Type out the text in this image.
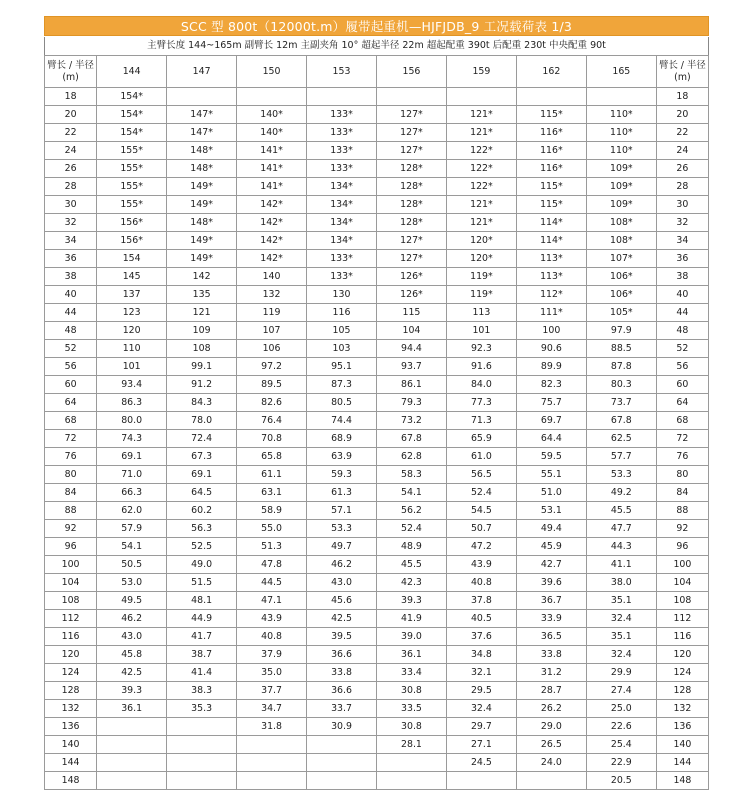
SCC 型 800t（12000t.m）履带起重机—HJFJDB_9 工况载荷表 1/3
主臂长度 144~165m 副臂长 12m 主副夹角 10° 超起半径 22m 超起配重 390t 后配重 230t 中央配重 90t
臂长 / 半径
(m)	144	147	150	153	156	159	162	165	臂长 / 半径
(m)
18	154*								18
20	154*	147*	140*	133*	127*	121*	115*	110*	20
22	154*	147*	140*	133*	127*	121*	116*	110*	22
24	155*	148*	141*	133*	127*	122*	116*	110*	24
26	155*	148*	141*	133*	128*	122*	116*	109*	26
28	155*	149*	141*	134*	128*	122*	115*	109*	28
30	155*	149*	142*	134*	128*	121*	115*	109*	30
32	156*	148*	142*	134*	128*	121*	114*	108*	32
34	156*	149*	142*	134*	127*	120*	114*	108*	34
36	154	149*	142*	133*	127*	120*	113*	107*	36
38	145	142	140	133*	126*	119*	113*	106*	38
40	137	135	132	130	126*	119*	112*	106*	40
44	123	121	119	116	115	113	111*	105*	44
48	120	109	107	105	104	101	100	97.9	48
52	110	108	106	103	94.4	92.3	90.6	88.5	52
56	101	99.1	97.2	95.1	93.7	91.6	89.9	87.8	56
60	93.4	91.2	89.5	87.3	86.1	84.0	82.3	80.3	60
64	86.3	84.3	82.6	80.5	79.3	77.3	75.7	73.7	64
68	80.0	78.0	76.4	74.4	73.2	71.3	69.7	67.8	68
72	74.3	72.4	70.8	68.9	67.8	65.9	64.4	62.5	72
76	69.1	67.3	65.8	63.9	62.8	61.0	59.5	57.7	76
80	71.0	69.1	61.1	59.3	58.3	56.5	55.1	53.3	80
84	66.3	64.5	63.1	61.3	54.1	52.4	51.0	49.2	84
88	62.0	60.2	58.9	57.1	56.2	54.5	53.1	45.5	88
92	57.9	56.3	55.0	53.3	52.4	50.7	49.4	47.7	92
96	54.1	52.5	51.3	49.7	48.9	47.2	45.9	44.3	96
100	50.5	49.0	47.8	46.2	45.5	43.9	42.7	41.1	100
104	53.0	51.5	44.5	43.0	42.3	40.8	39.6	38.0	104
108	49.5	48.1	47.1	45.6	39.3	37.8	36.7	35.1	108
112	46.2	44.9	43.9	42.5	41.9	40.5	33.9	32.4	112
116	43.0	41.7	40.8	39.5	39.0	37.6	36.5	35.1	116
120	45.8	38.7	37.9	36.6	36.1	34.8	33.8	32.4	120
124	42.5	41.4	35.0	33.8	33.4	32.1	31.2	29.9	124
128	39.3	38.3	37.7	36.6	30.8	29.5	28.7	27.4	128
132	36.1	35.3	34.7	33.7	33.5	32.4	26.2	25.0	132
136			31.8	30.9	30.8	29.7	29.0	22.6	136
140					28.1	27.1	26.5	25.4	140
144						24.5	24.0	22.9	144
148								20.5	148
